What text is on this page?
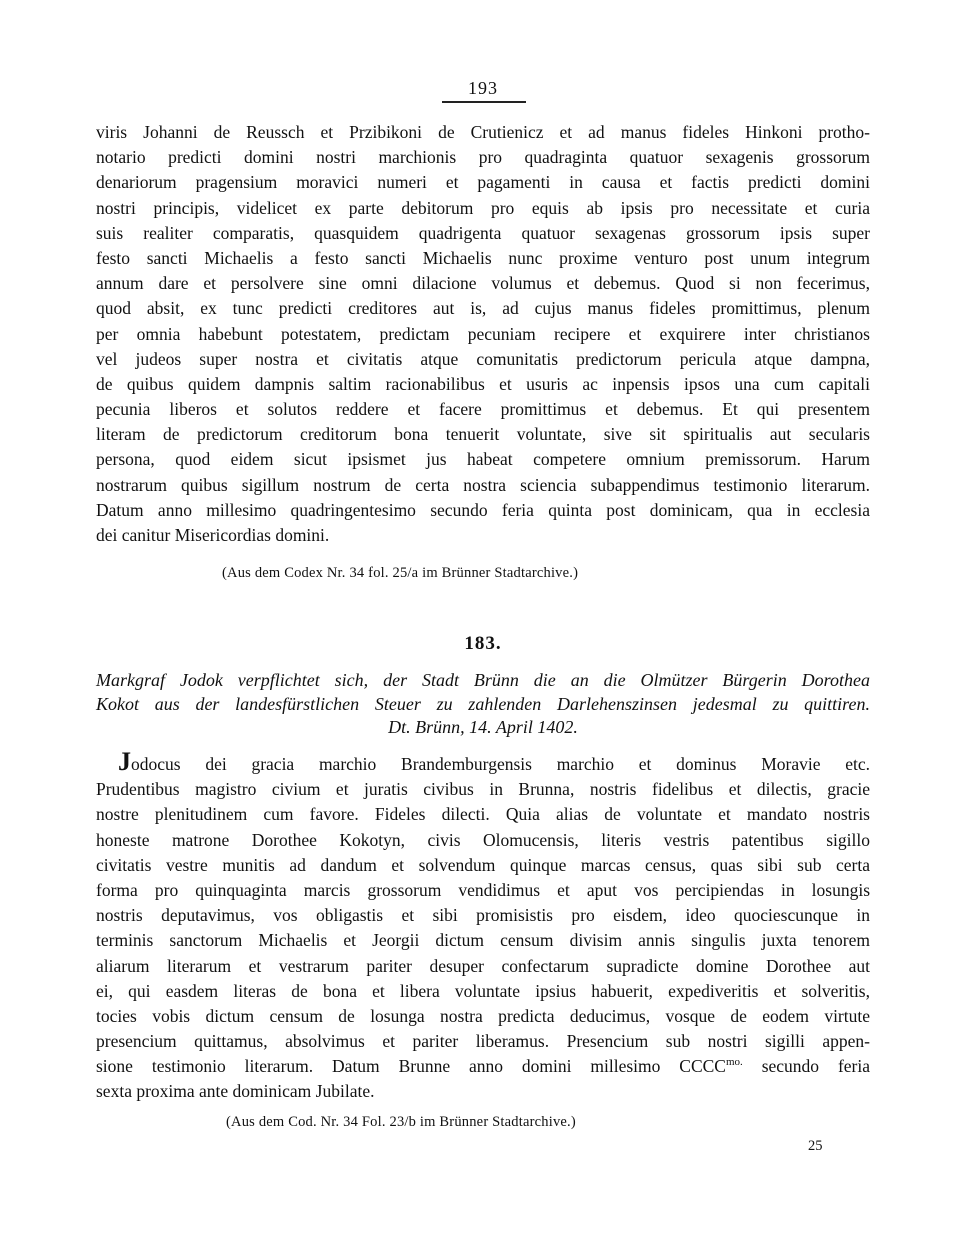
193
viris Johanni de Reussch et Przibikoni de Crutienicz et ad manus fideles Hinkoni protho-
notario predicti domini nostri marchionis pro quadraginta quatuor sexagenis grossorum
denariorum pragensium moravici numeri et pagamenti in causa et factis predicti domini
nostri principis, videlicet ex parte debitorum pro equis ab ipsis pro necessitate et curia
suis realiter comparatis, quasquidem quadrigenta quatuor sexagenas grossorum ipsis super
festo sancti Michaelis a festo sancti Michaelis nunc proxime venturo post unum integrum
annum dare et persolvere sine omni dilacione volumus et debemus. Quod si non fecerimus,
quod absit, ex tunc predicti creditores aut is, ad cujus manus fideles promittimus, plenum
per omnia habebunt potestatem, predictam pecuniam recipere et exquirere inter christianos
vel judeos super nostra et civitatis atque comunitatis predictorum pericula atque dampna,
de quibus quidem dampnis saltim racionabilibus et usuris ac inpensis ipsos una cum capitali
pecunia liberos et solutos reddere et facere promittimus et debemus. Et qui presentem
literam de predictorum creditorum bona tenuerit voluntate, sive sit spiritualis aut secularis
persona, quod eidem sicut ipsismet jus habeat competere omnium premissorum. Harum
nostrarum quibus sigillum nostrum de certa nostra sciencia subappendimus testimonio literarum.
Datum anno millesimo quadringentesimo secundo feria quinta post dominicam, qua in ecclesia
dei canitur Misericordias domini.
(Aus dem Codex Nr. 34 fol. 25/a im Brünner Stadtarchive.)
183.
Markgraf Jodok verpflichtet sich, der Stadt Brünn die an die Olmützer Bürgerin Dorothea
Kokot aus der landesfürstlichen Steuer zu zahlenden Darlehenszinsen jedesmal zu quittiren.
Dt. Brünn, 14. April 1402.
Jodocus dei gracia marchio Brandemburgensis marchio et dominus Moravie etc.
Prudentibus magistro civium et juratis civibus in Brunna, nostris fidelibus et dilectis, gracie
nostre plenitudinem cum favore. Fideles dilecti. Quia alias de voluntate et mandato nostris
honeste matrone Dorothee Kokotyn, civis Olomucensis, literis vestris patentibus sigillo
civitatis vestre munitis ad dandum et solvendum quinque marcas census, quas sibi sub certa
forma pro quinquaginta marcis grossorum vendidimus et aput vos percipiendas in losungis
nostris deputavimus, vos obligastis et sibi promisistis pro eisdem, ideo quociescunque in
terminis sanctorum Michaelis et Jeorgii dictum censum divisim annis singulis juxta tenorem
aliarum literarum et vestrarum pariter desuper confectarum supradicte domine Dorothee aut
ei, qui easdem literas de bona et libera voluntate ipsius habuerit, expediveritis et solveritis,
tocies vobis dictum censum de losunga nostra predicta deducimus, vosque de eodem virtute
presencium quittamus, absolvimus et pariter liberamus. Presencium sub nostri sigilli appen-
sione testimonio literarum. Datum Brunne anno domini millesimo $CCCC^{mo.}$ secundo feria
sexta proxima ante dominicam Jubilate.
(Aus dem Cod. Nr. 34 Fol. 23/b im Brünner Stadtarchive.)
25
